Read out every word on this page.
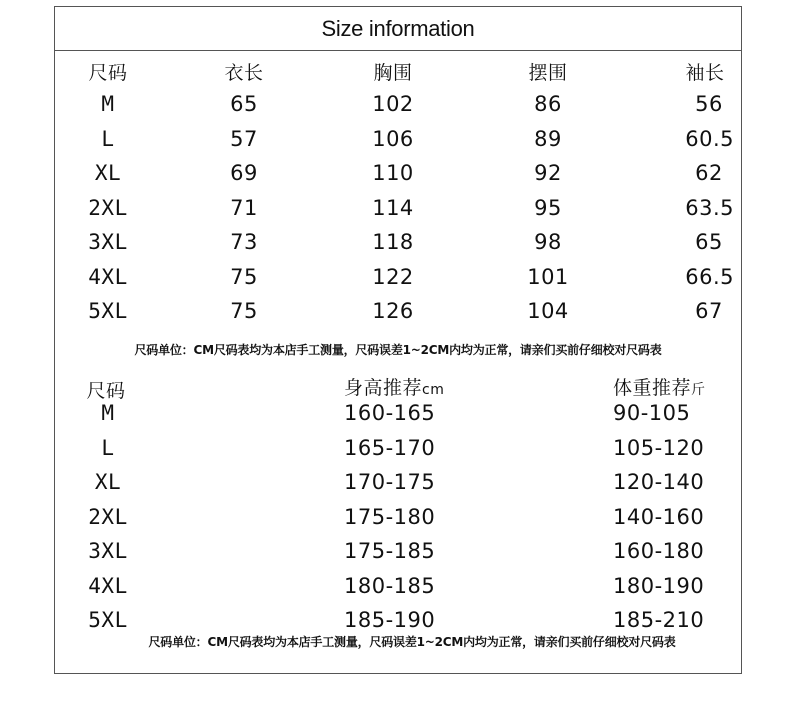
Size information
尺码	衣长	胸围	摆围	袖长
M	65	102	86	56
L	57	106	89	60.5
XL	69	110	92	62
2XL	71	114	95	63.5
3XL	73	118	98	65
4XL	75	122	101	66.5
5XL	75	126	104	67
尺码单位：CM尺码表均为本店手工测量，尺码误差1~2CM内均为正常，请亲们买前仔细校对尺码表
尺码	身高推荐cm	体重推荐斤
M	160-165	90-105
L	165-170	105-120
XL	170-175	120-140
2XL	175-180	140-160
3XL	175-185	160-180
4XL	180-185	180-190
5XL	185-190	185-210
尺码单位：CM尺码表均为本店手工测量，尺码误差1~2CM内均为正常，请亲们买前仔细校对尺码表
